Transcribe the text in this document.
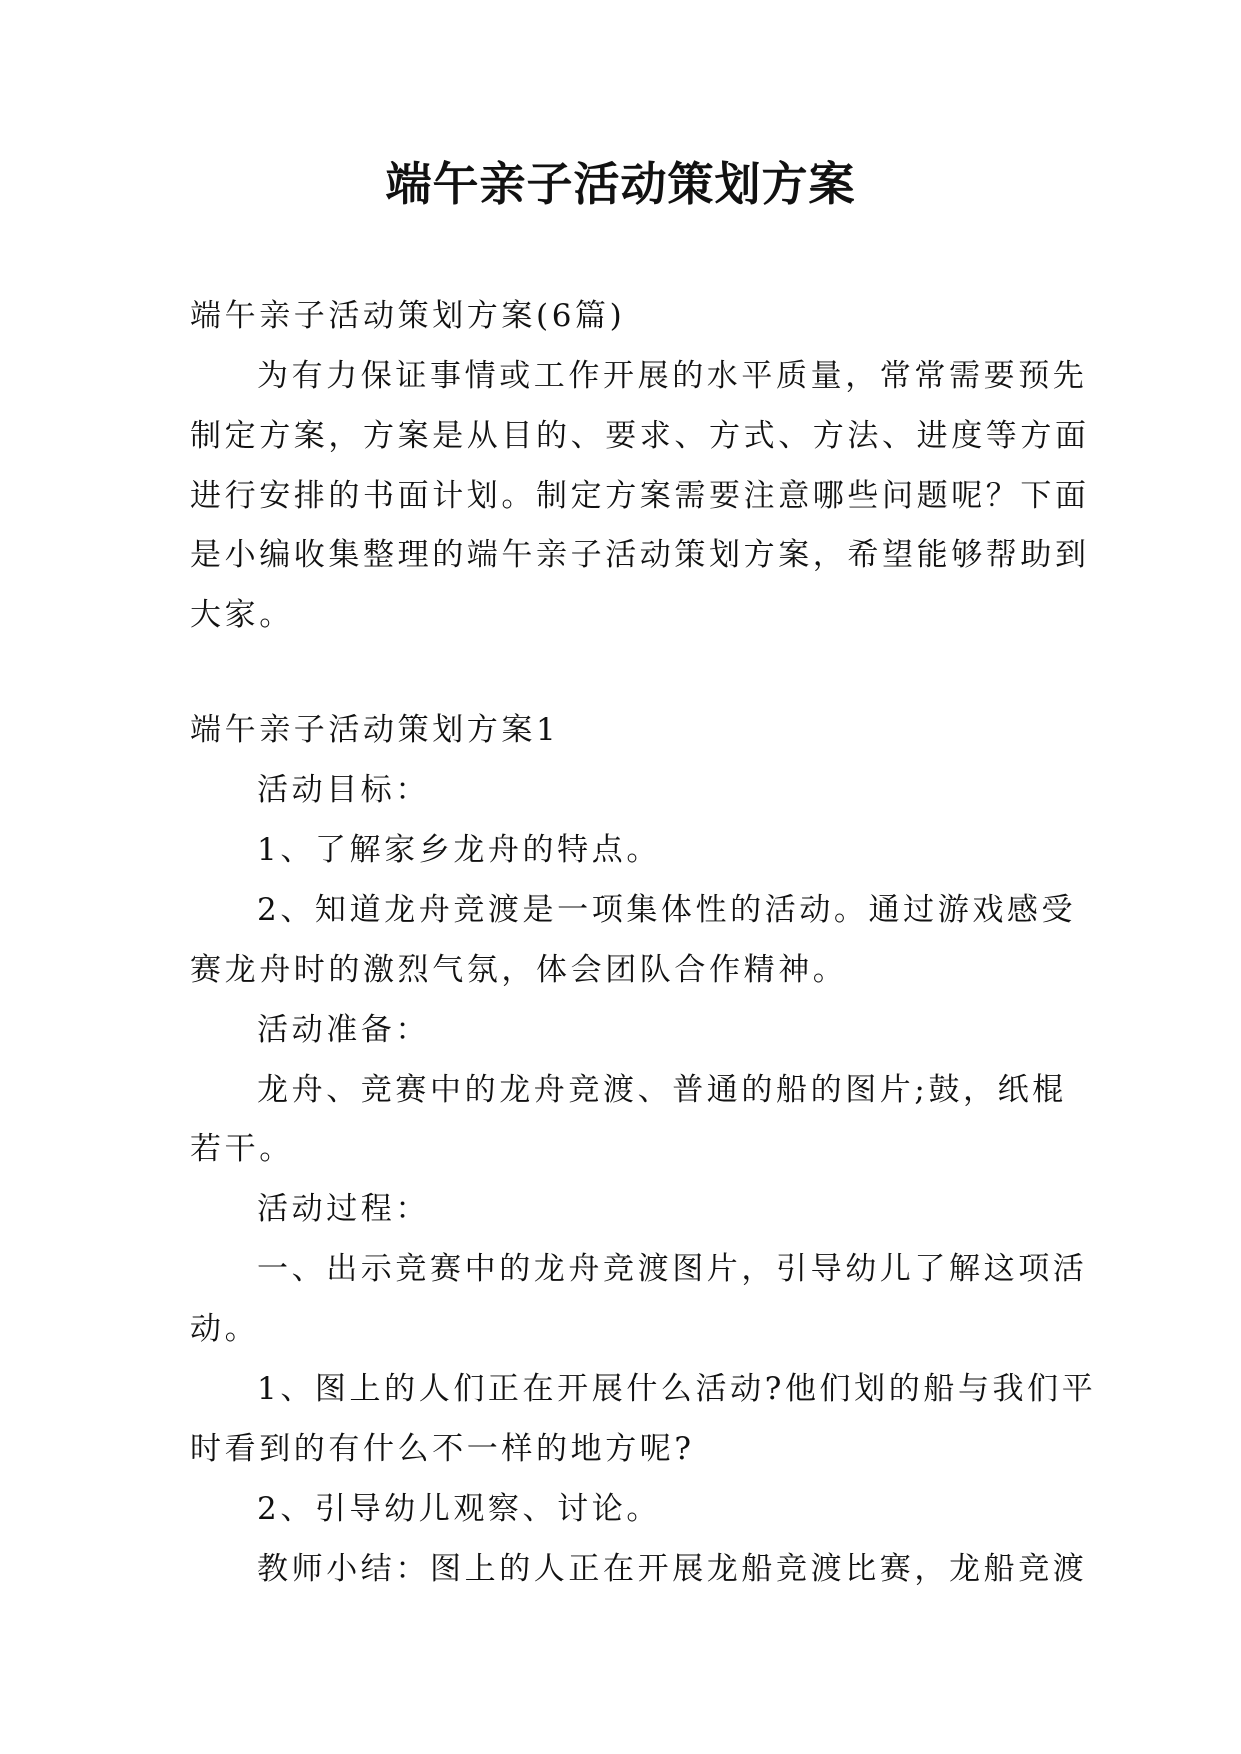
端午亲子活动策划方案
端午亲子活动策划方案(6篇)
为有力保证事情或工作开展的水平质量，常常需要预先
制定方案，方案是从目的、要求、方式、方法、进度等方面
进行安排的书面计划。制定方案需要注意哪些问题呢？下面
是小编收集整理的端午亲子活动策划方案，希望能够帮助到
大家。
端午亲子活动策划方案1
活动目标：
1、了解家乡龙舟的特点。
2、知道龙舟竞渡是一项集体性的活动。通过游戏感受
赛龙舟时的激烈气氛，体会团队合作精神。
活动准备：
龙舟、竞赛中的龙舟竞渡、普通的船的图片;鼓，纸棍
若干。
活动过程：
一、出示竞赛中的龙舟竞渡图片，引导幼儿了解这项活
动。
1、图上的人们正在开展什么活动?他们划的船与我们平
时看到的有什么不一样的地方呢?
2、引导幼儿观察、讨论。
教师小结：图上的人正在开展龙船竞渡比赛，龙船竞渡
